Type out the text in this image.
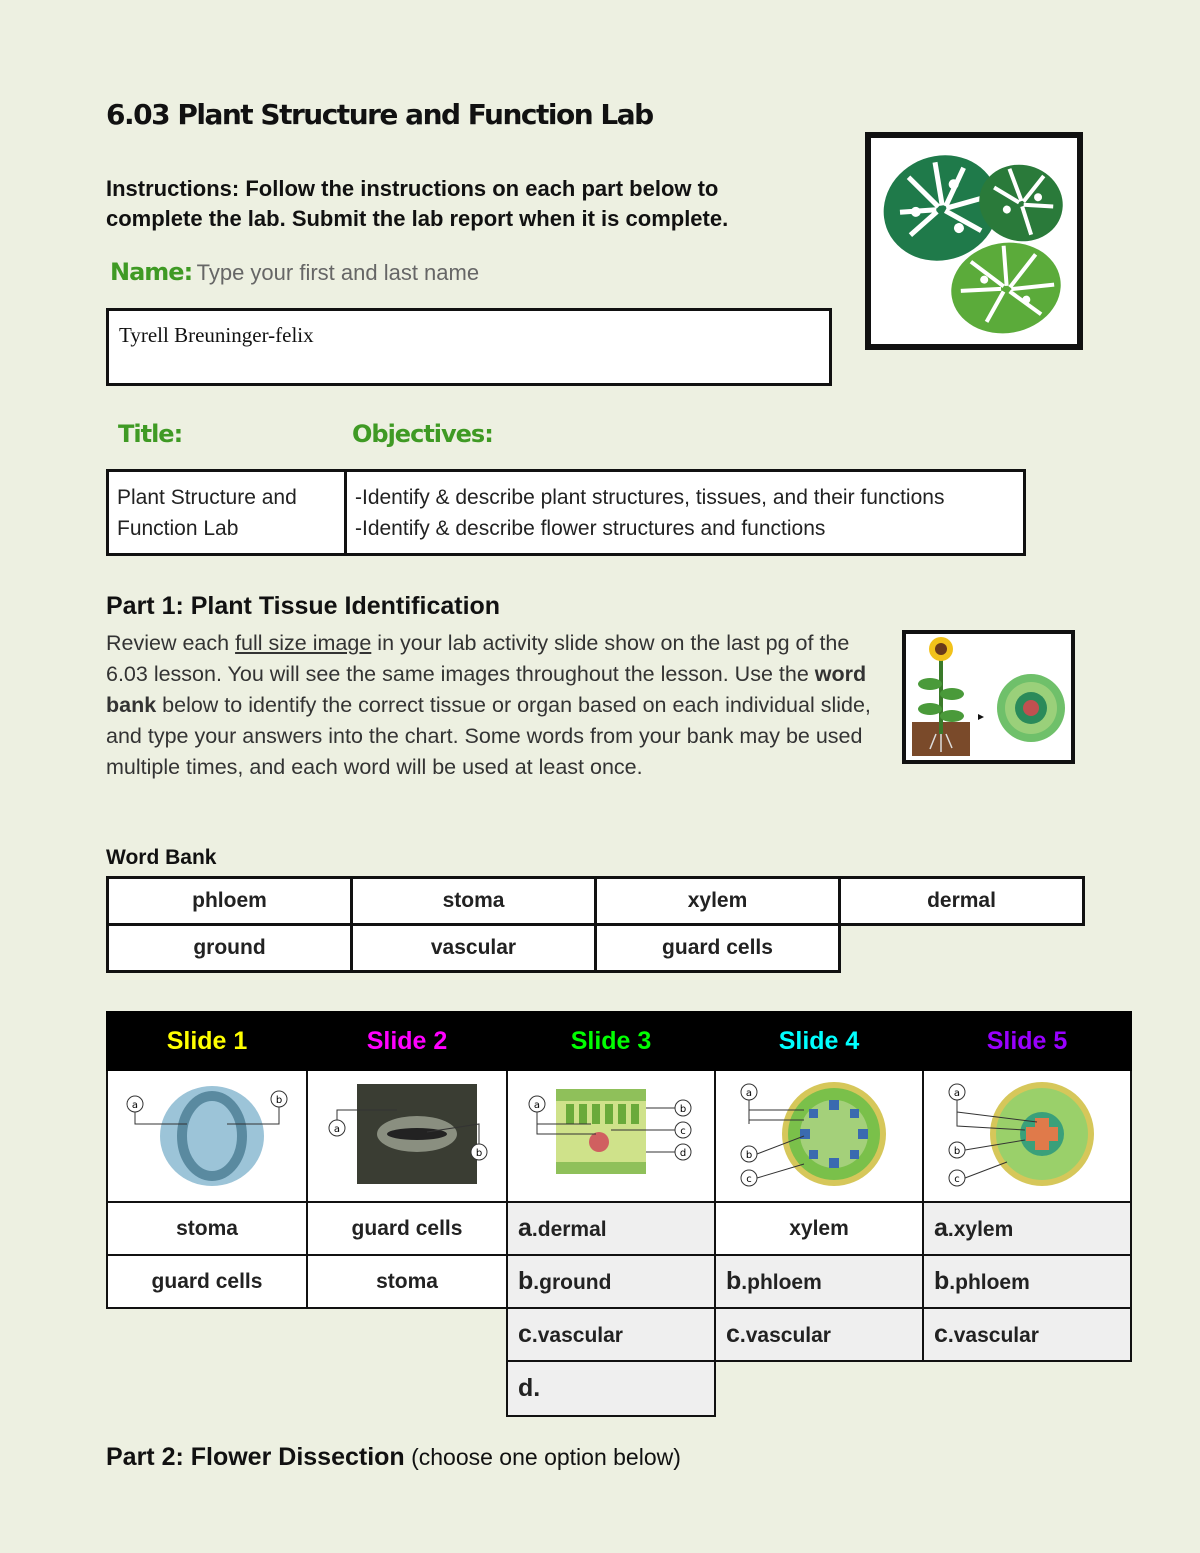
6.03 Plant Structure and Function Lab
Instructions: Follow the instructions on each part below to complete the lab. Submit the lab report when it is complete.
Name: Type your first and last name
Tyrell Breuninger-felix
Title:	Objectives:
Plant Structure and Function Lab
-Identify & describe plant structures, tissues, and their functions
-Identify & describe flower structures and functions
Part 1: Plant Tissue Identification
Review each full size image in your lab activity slide show on the last pg of the 6.03 lesson. You will see the same images throughout the lesson. Use the word bank below to identify the correct tissue or organ based on each individual slide, and type your answers into the chart. Some words from your bank may be used multiple times, and each word will be used at least once.
Word Bank
phloem	stoma	xylem	dermal
ground	vascular	guard cells	
Slide 1	Slide 2	Slide 3	Slide 4	Slide 5

a b	a
b	a b
c
d	a
b
c	a
b
c

stoma	guard cells	a.dermal	xylem	a.xylem
guard cells	stoma	b.ground	b.phloem	b.phloem
		c.vascular	c.vascular	c.vascular
		d.		
Part 2: Flower Dissection (choose one option below)
